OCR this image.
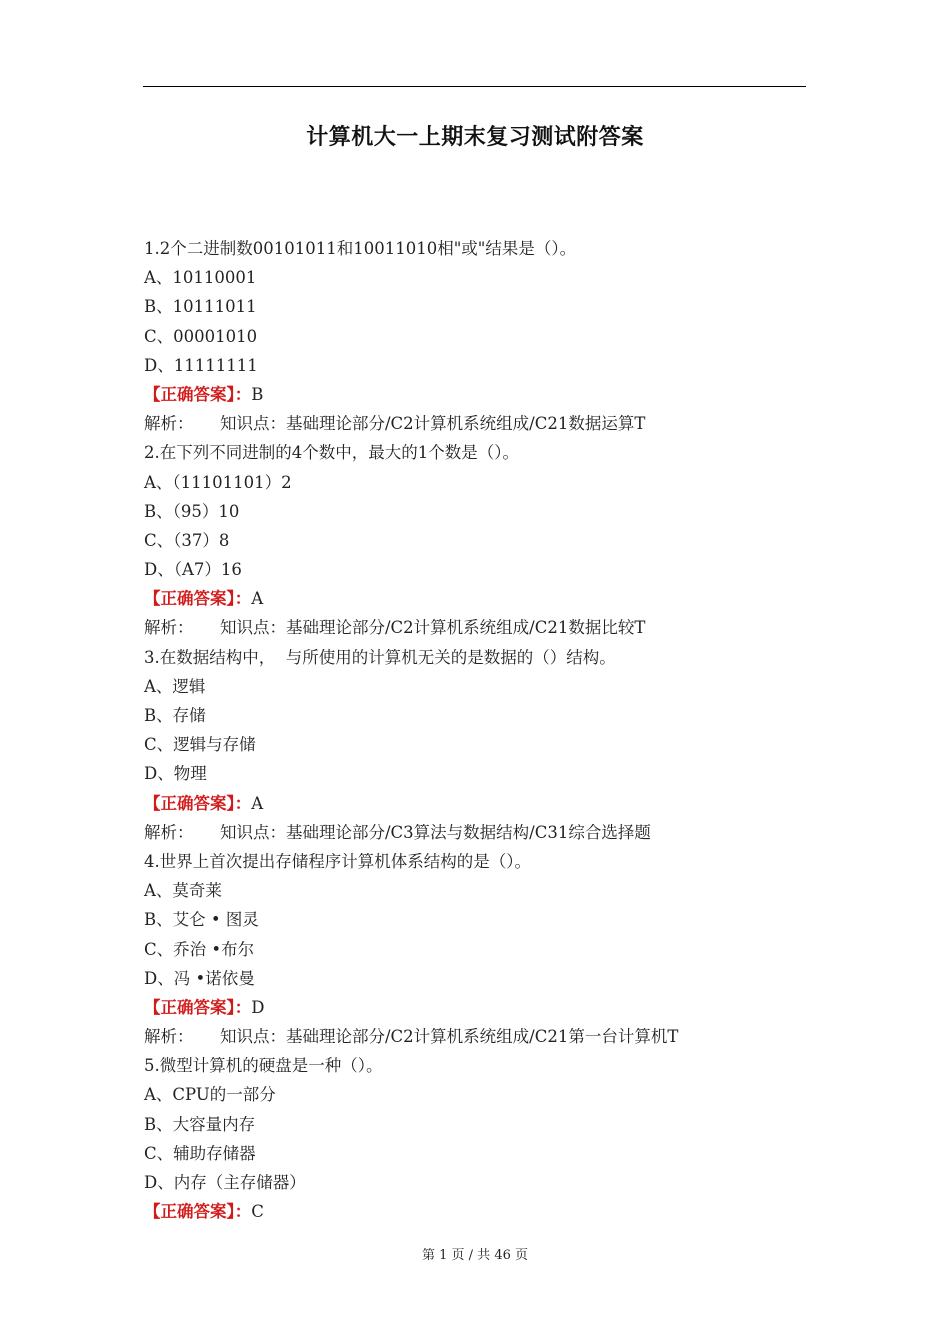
计算机大一上期末复习测试附答案
1.2个二进制数00101011和10011010相"或"结果是（）。
A、10110001
B、10111011
C、00001010
D、11111111
【正确答案】：B
解析： 知识点：基础理论部分/C2计算机系统组成/C21数据运算T
2.在下列不同进制的4个数中，最大的1个数是（）。
A、（11101101）2
B、（95）10
C、（37）8
D、（A7）16
【正确答案】：A
解析： 知识点：基础理论部分/C2计算机系统组成/C21数据比较T
3.在数据结构中，  与所使用的计算机无关的是数据的（）结构。
A、逻辑
B、存储
C、逻辑与存储
D、物理
【正确答案】：A
解析： 知识点：基础理论部分/C3算法与数据结构/C31综合选择题
4.世界上首次提出存储程序计算机体系结构的是（）。
A、莫奇莱
B、艾仑 • 图灵
C、乔治 •布尔
D、冯 •诺依曼
【正确答案】：D
解析： 知识点：基础理论部分/C2计算机系统组成/C21第一台计算机T
5.微型计算机的硬盘是一种（）。
A、CPU的一部分
B、大容量内存
C、辅助存储器
D、内存（主存储器）
【正确答案】：C
第 1 页 / 共 46 页
